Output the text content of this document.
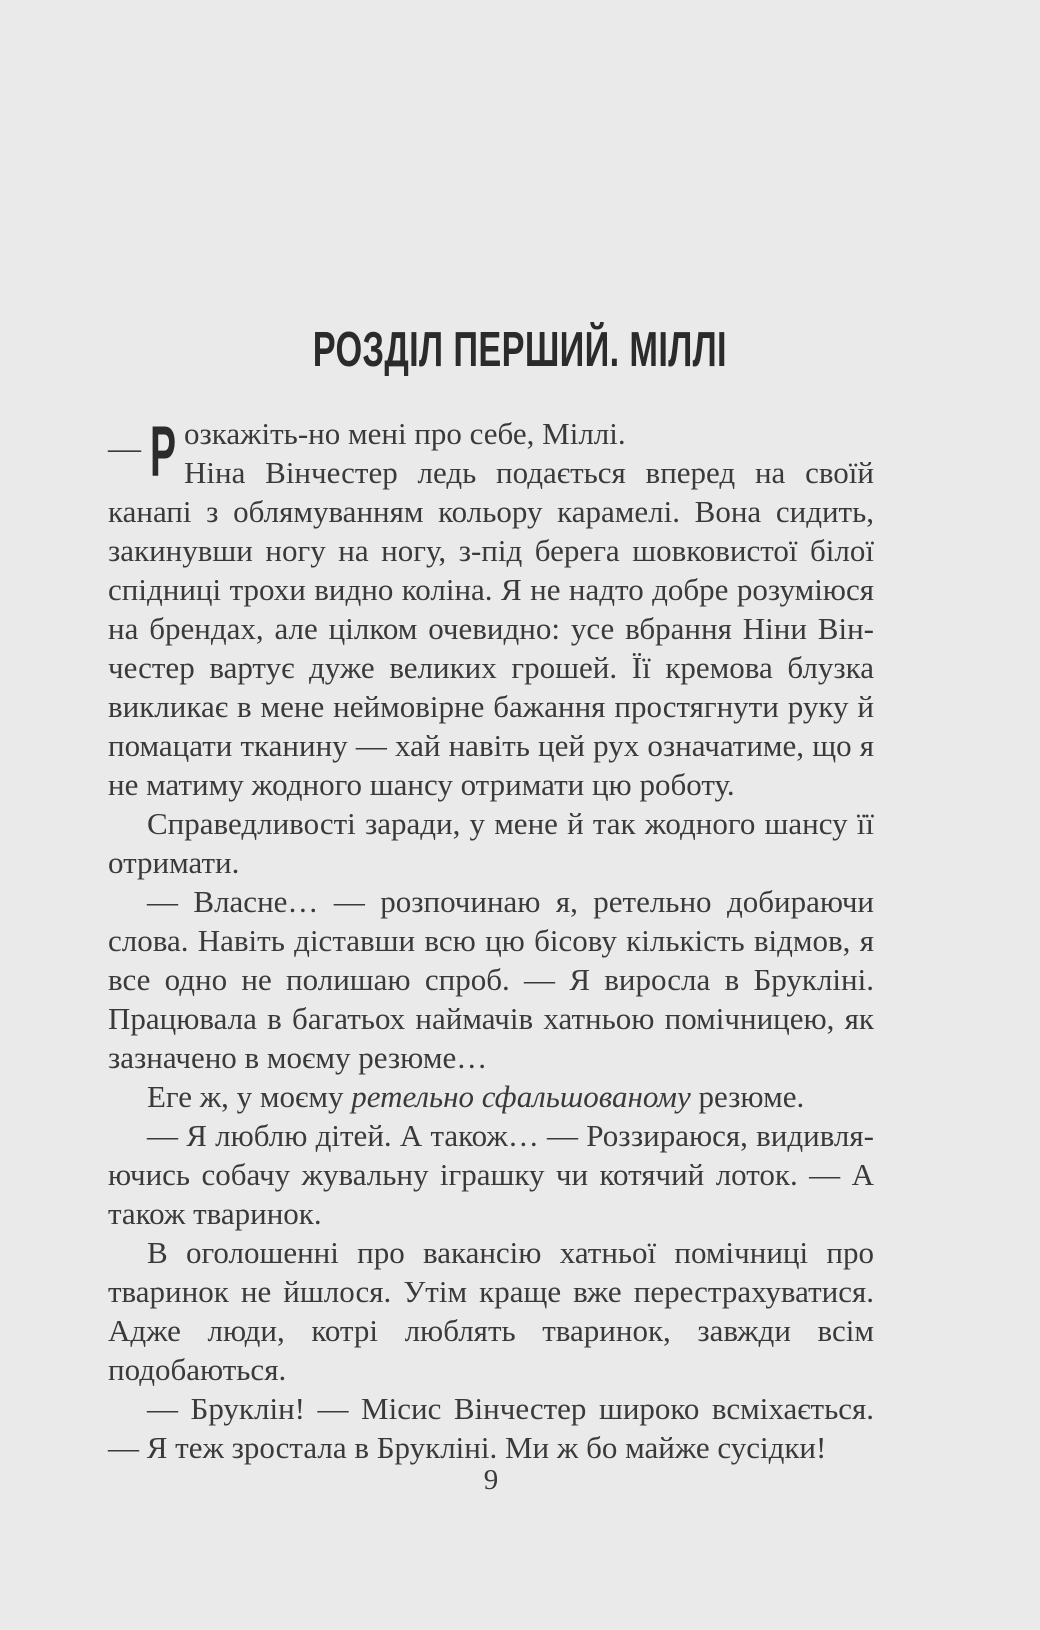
РОЗДІЛ ПЕРШИЙ. МІЛЛІ

— Р озкажіть-но мені про себе, Міллі.

Ніна Вінчестер ледь подається вперед на своїй канапі з облямуванням кольору карамелі. Вона сидить, закинувши ногу на ногу, з-під берега шовковистої білої спідниці трохи видно коліна. Я не надто добре розуміюся на брендах, але цілком очевидно: усе вбрання Ніни Вінчестер вартує дуже великих грошей. Її кремова блузка викликає в мене неймовірне бажання простягнути руку й помацати тканину — хай навіть цей рух означатиме, що я не матиму жодного шансу отримати цю роботу.

Справедливості заради, у мене й так жодного шансу її отримати.

— Власне… — розпочинаю я, ретельно добираючи слова. Навіть діставши всю цю бісову кількість відмов, я все одно не полишаю спроб. — Я виросла в Брукліні. Працювала в багатьох наймачів хатньою помічницею, як зазначено в моєму резюме…

Еге ж, у моєму ретельно сфальшованому резюме.

— Я люблю дітей. А також… — Роззираюся, видивляючись собачу жувальну іграшку чи котячий лоток. — А також тваринок.

В оголошенні про вакансію хатньої помічниці про тваринок не йшлося. Утім краще вже перестрахуватися. Адже люди, котрі люблять тваринок, завжди всім подобаються.

— Бруклін! — Місис Вінчестер широко всміхається. — Я теж зростала в Брукліні. Ми ж бо майже сусідки!

9
